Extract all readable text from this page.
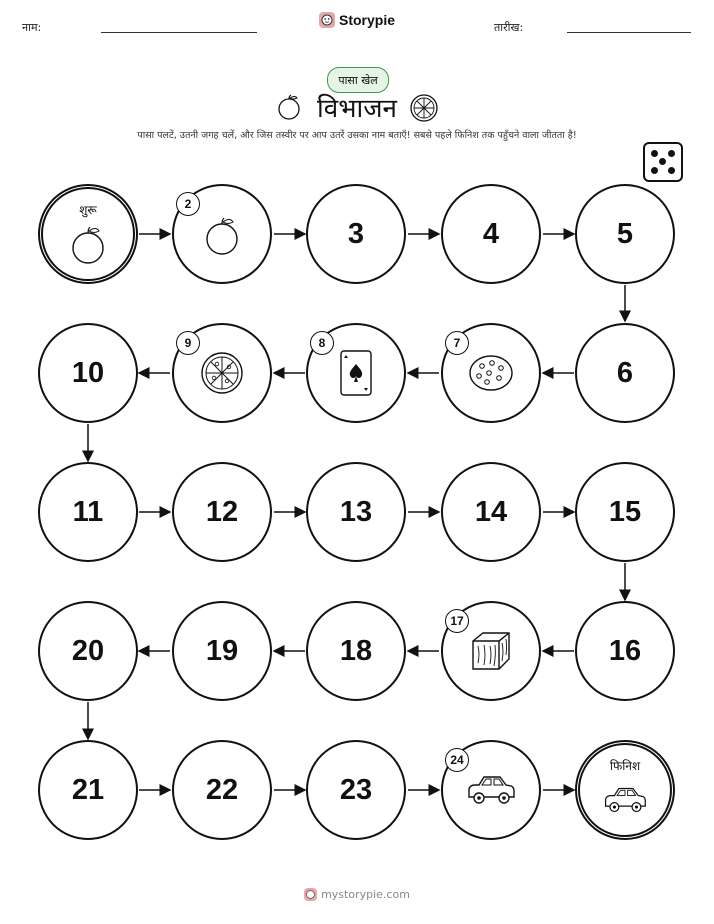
नाम:	Storypie	तारीख:
पासा खेल
विभाजन
पासा पलटें, उतनी जगह चलें, और जिस तस्वीर पर आप उतरें उसका नाम बताएँ! सबसे पहले फिनिश तक पहुँचने वाला जीतता है!
शुरू	2
3	4	5
10
9	8	7
6
11	12	13	14	15
20	19	18
17
16
21	22	23
24	फिनिश
mystorypie.com
